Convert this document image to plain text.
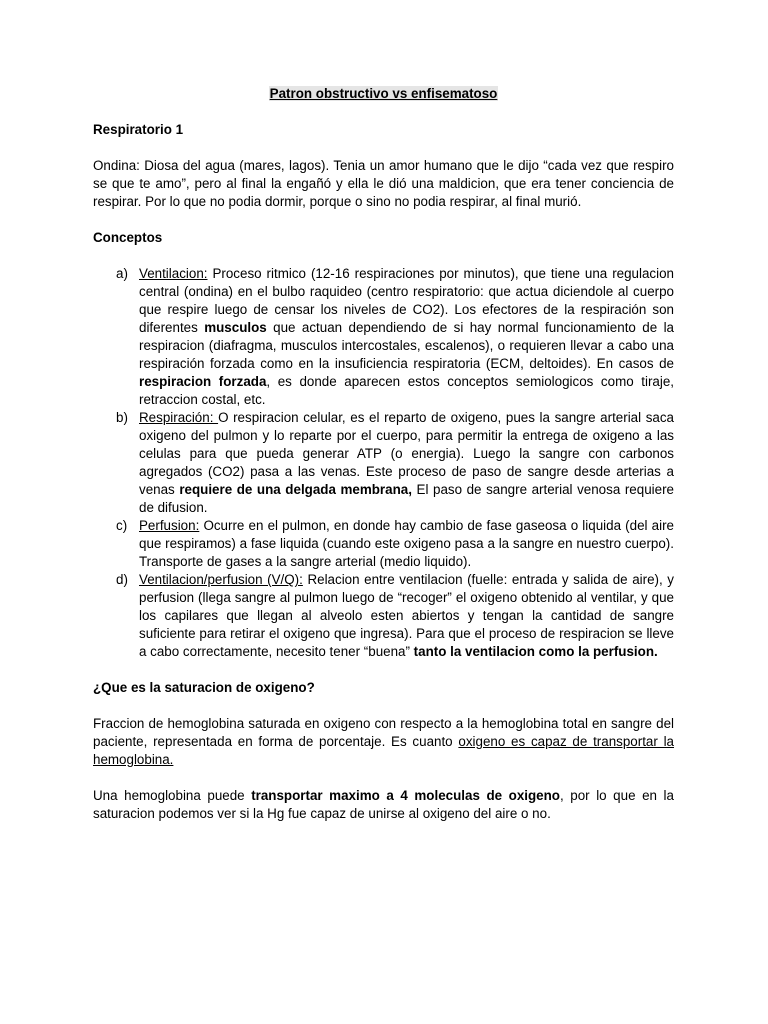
Patron obstructivo vs enfisematoso
Respiratorio 1
Ondina: Diosa del agua (mares, lagos). Tenia un amor humano que le dijo “cada vez que respiro se que te amo”, pero al final la engañó y ella le dió una maldicion, que era tener conciencia de respirar. Por lo que no podia dormir, porque o sino no podia respirar, al final murió.
Conceptos
a) Ventilacion: Proceso ritmico (12-16 respiraciones por minutos), que tiene una regulacion central (ondina) en el bulbo raquideo (centro respiratorio: que actua diciendole al cuerpo que respire luego de censar los niveles de CO2). Los efectores de la respiración son diferentes musculos que actuan dependiendo de si hay normal funcionamiento de la respiracion (diafragma, musculos intercostales, escalenos), o requieren llevar a cabo una respiración forzada como en la insuficiencia respiratoria (ECM, deltoides). En casos de respiracion forzada, es donde aparecen estos conceptos semiologicos como tiraje, retraccion costal, etc.
b) Respiración: O respiracion celular, es el reparto de oxigeno, pues la sangre arterial saca oxigeno del pulmon y lo reparte por el cuerpo, para permitir la entrega de oxigeno a las celulas para que pueda generar ATP (o energia). Luego la sangre con carbonos agregados (CO2) pasa a las venas. Este proceso de paso de sangre desde arterias a venas requiere de una delgada membrana, El paso de sangre arterial venosa requiere de difusion.
c) Perfusion: Ocurre en el pulmon, en donde hay cambio de fase gaseosa o liquida (del aire que respiramos) a fase liquida (cuando este oxigeno pasa a la sangre en nuestro cuerpo). Transporte de gases a la sangre arterial (medio liquido).
d) Ventilacion/perfusion (V/Q): Relacion entre ventilacion (fuelle: entrada y salida de aire), y perfusion (llega sangre al pulmon luego de “recoger” el oxigeno obtenido al ventilar, y que los capilares que llegan al alveolo esten abiertos y tengan la cantidad de sangre suficiente para retirar el oxigeno que ingresa). Para que el proceso de respiracion se lleve a cabo correctamente, necesito tener “buena” tanto la ventilacion como la perfusion.
¿Que es la saturacion de oxigeno?
Fraccion de hemoglobina saturada en oxigeno con respecto a la hemoglobina total en sangre del paciente, representada en forma de porcentaje. Es cuanto oxigeno es capaz de transportar la hemoglobina.
Una hemoglobina puede transportar maximo a 4 moleculas de oxigeno, por lo que en la saturacion podemos ver si la Hg fue capaz de unirse al oxigeno del aire o no.
